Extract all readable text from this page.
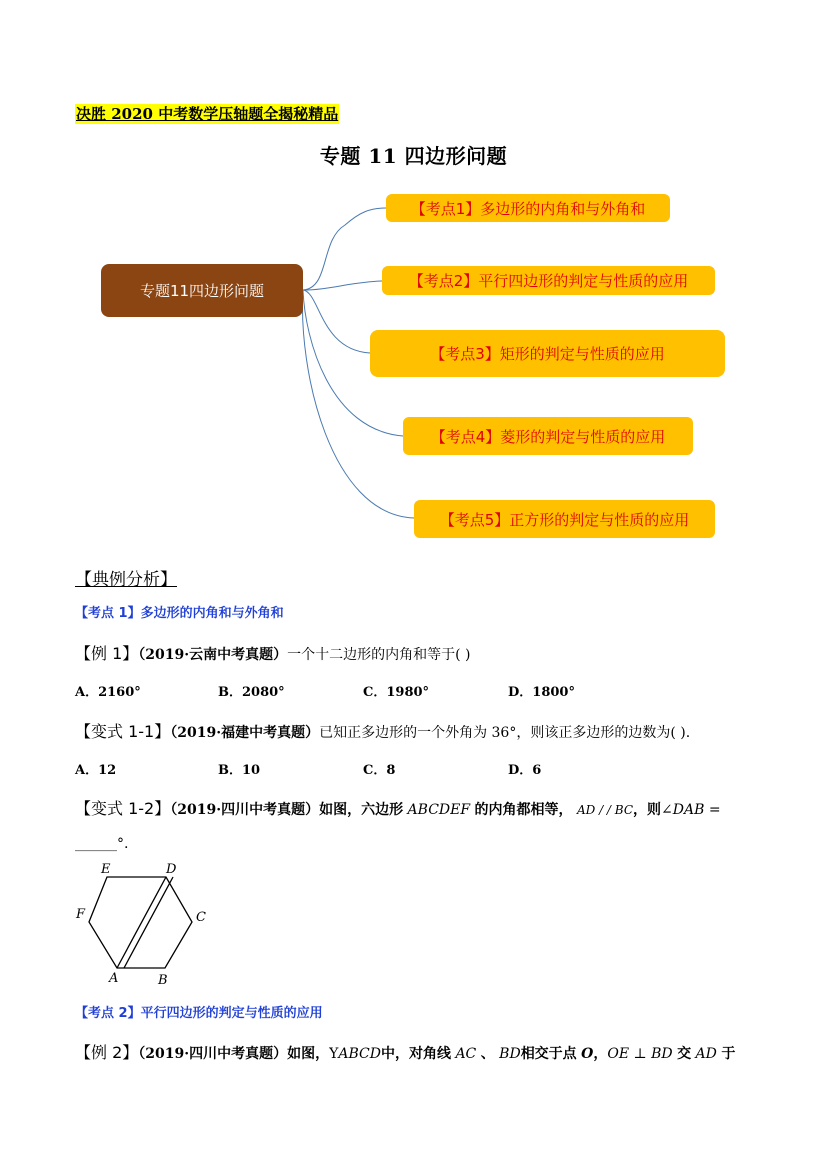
决胜 2020 中考数学压轴题全揭秘精品
专题 11 四边形问题
专题11四边形问题
【考点1】多边形的内角和与外角和
【考点2】平行四边形的判定与性质的应用
【考点3】矩形的判定与性质的应用
【考点4】菱形的判定与性质的应用
【考点5】正方形的判定与性质的应用
【典例分析】
【考点 1】多边形的内角和与外角和
【例 1】（2019·云南中考真题）一个十二边形的内角和等于( )
A．2160°	B．2080°	C．1980°	D．1800°
【变式 1-1】（2019·福建中考真题）已知正多边形的一个外角为 36°，则该正多边形的边数为( ).
A．12	B．10	C．8	D．6
【变式 1-2】（2019·四川中考真题）如图，六边形 ABCDEF 的内角都相等， AD / / BC，则∠DAB =
______°.
E	D
F	C
A	B
【考点 2】平行四边形的判定与性质的应用
【例 2】（2019·四川中考真题）如图，YABCD中，对角线 AC 、 BD相交于点 O，OE ⊥ BD 交 AD 于
